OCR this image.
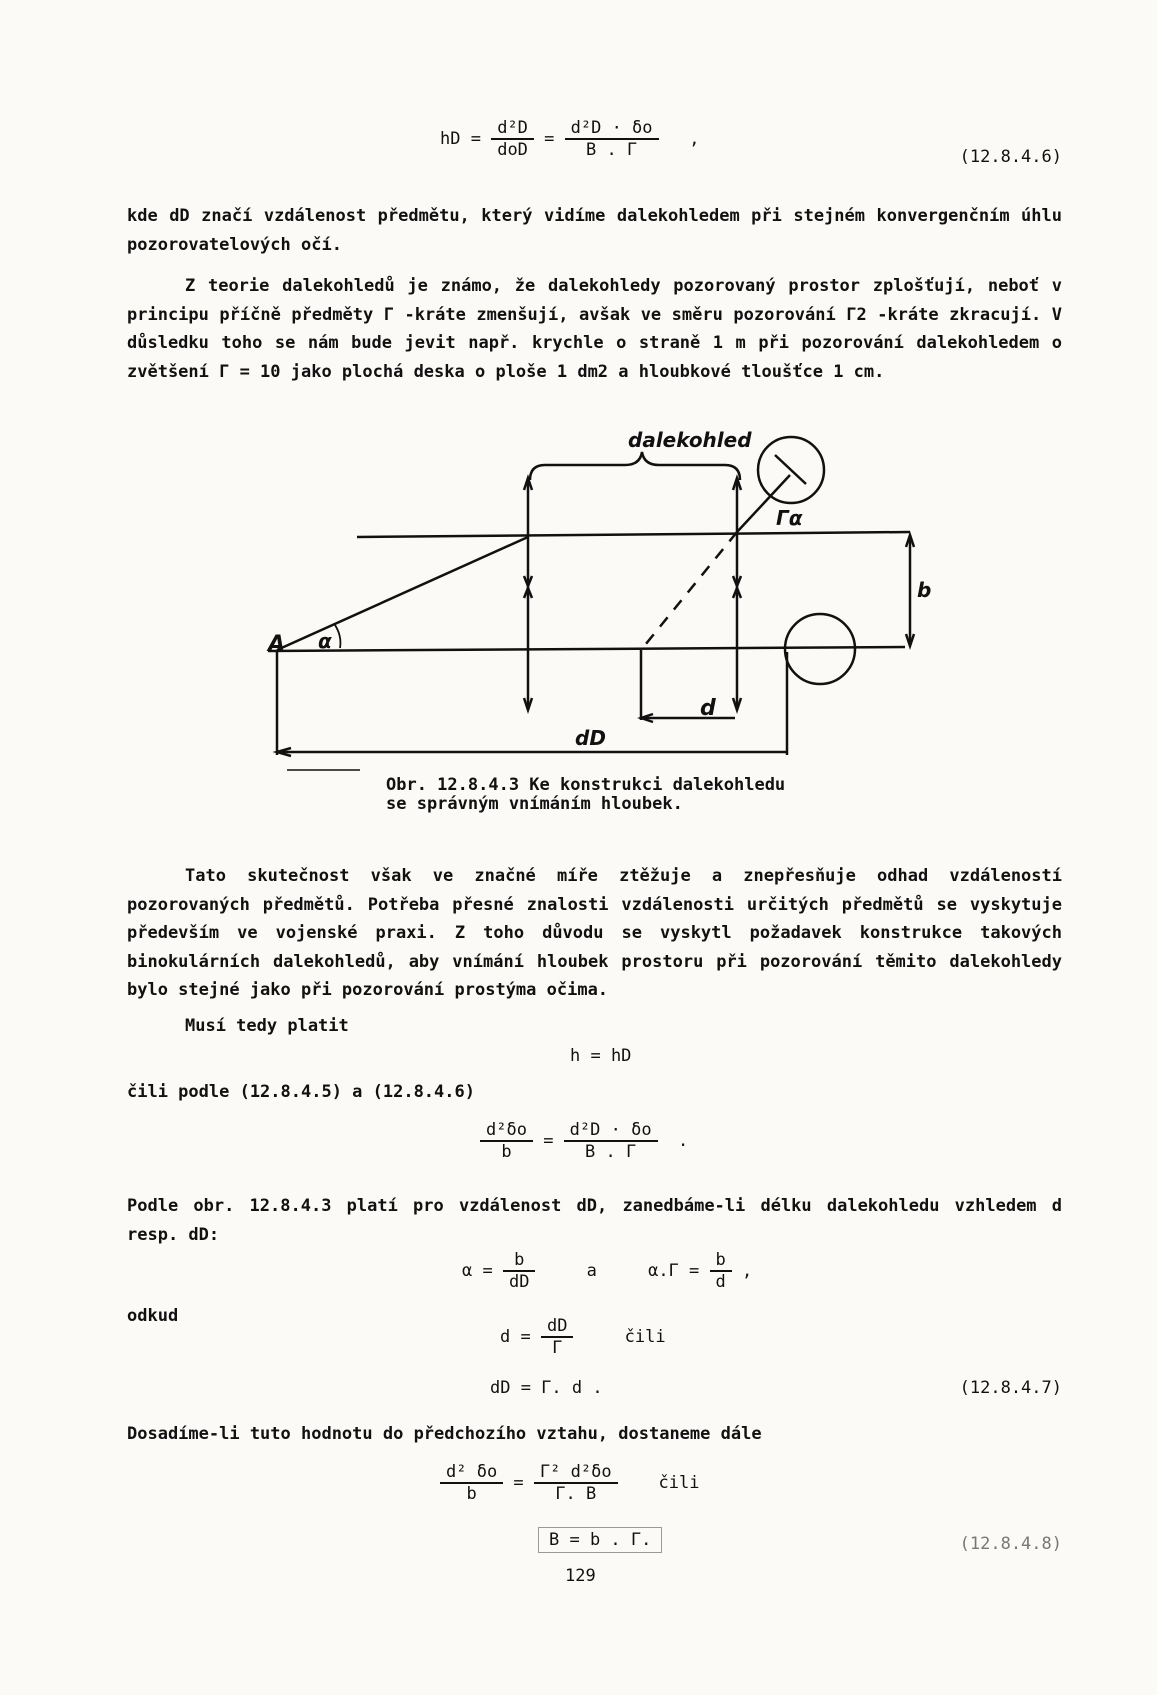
hD = $\frac{\text{d²D}}{\text{doD}} = \frac{\text{d²D · δo}}{B . \Gamma}$ ,
(12.8.4.6)
kde dD značí vzdálenost předmětu, který vidíme dalekohledem při stejném konvergenčním úhlu pozorovatelových očí.
Z teorie dalekohledů je známo, že dalekohledy pozorovaný prostor zplošťují, neboť v principu příčně předměty Γ -kráte zmenšují, avšak ve směru pozorování Γ2 -kráte zkracují. V důsledku toho se nám bude jevit např. krychle o straně 1 m při pozorování dalekohledem o zvětšení Γ = 10 jako plochá deska o ploše 1 dm2 a hloubkové tloušťce 1 cm.
dalekohled
A α
Γα
b
d
dD
Obr. 12.8.4.3 Ke konstrukci dalekohledu se správným vnímáním hloubek.
Tato skutečnost však ve značné míře ztěžuje a znepřesňuje odhad vzdáleností pozorovaných předmětů. Potřeba přesné znalosti vzdálenosti určitých předmětů se vyskytuje především ve vojenské praxi. Z toho důvodu se vyskytl požadavek konstrukce takových binokulárních dalekohledů, aby vnímání hloubek prostoru při pozorování těmito dalekohledy bylo stejné jako při pozorování prostýma očima.
Musí tedy platit
h = hD
čili podle (12.8.4.5) a (12.8.4.6)
$\frac{\text{d²δo}}{b} = \frac{\text{d²D · δo}}{B . \Gamma}$ .
Podle obr. 12.8.4.3 platí pro vzdálenost dD, zanedbáme-li délku dalekohledu vzhledem d resp. dD:
$\alpha = \frac{b}{dD}$	a	$\alpha.\Gamma = \frac{b}{d}$ ,
odkud
$d = \frac{dD}{\Gamma}$	čili
dD = Γ. d .	(12.8.4.7)
Dosadíme-li tuto hodnotu do předchozího vztahu, dostaneme dále
$\frac{\text{d² δo}}{b} = \frac{\text{Γ² d²δo}}{\Gamma. B}$ čili
B = b . Γ.	(12.8.4.8)
129
